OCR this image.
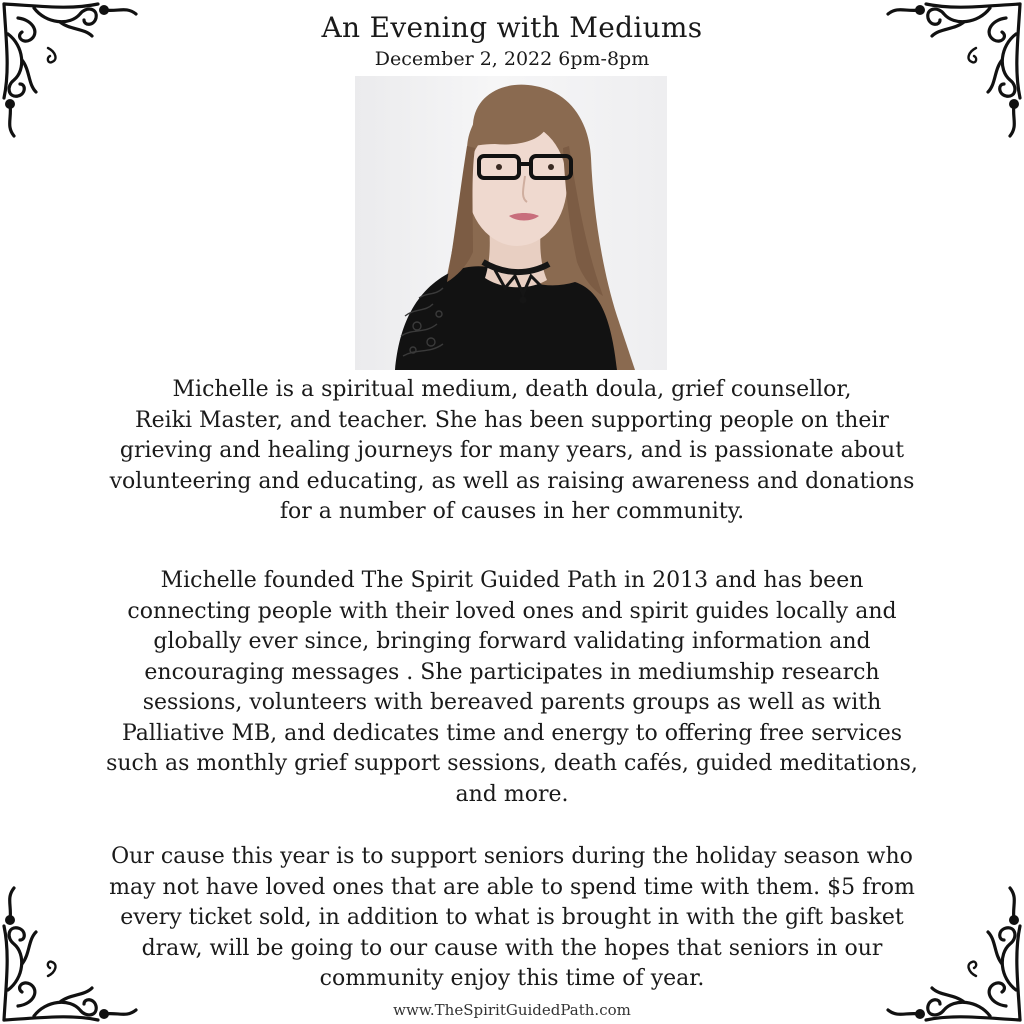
An Evening with Mediums
December 2, 2022 6pm-8pm
Michelle is a spiritual medium, death doula, grief counsellor,
Reiki Master, and teacher. She has been supporting people on their
grieving and healing journeys for many years, and is passionate about
volunteering and educating, as well as raising awareness and donations
for a number of causes in her community.
Michelle founded The Spirit Guided Path in 2013 and has been
connecting people with their loved ones and spirit guides locally and
globally ever since, bringing forward validating information and
encouraging messages . She participates in mediumship research
sessions, volunteers with bereaved parents groups as well as with
Palliative MB, and dedicates time and energy to offering free services
such as monthly grief support sessions, death cafés, guided meditations,
and more.
Our cause this year is to support seniors during the holiday season who
may not have loved ones that are able to spend time with them. $5 from
every ticket sold, in addition to what is brought in with the gift basket
draw, will be going to our cause with the hopes that seniors in our
community enjoy this time of year.
www.TheSpiritGuidedPath.com
